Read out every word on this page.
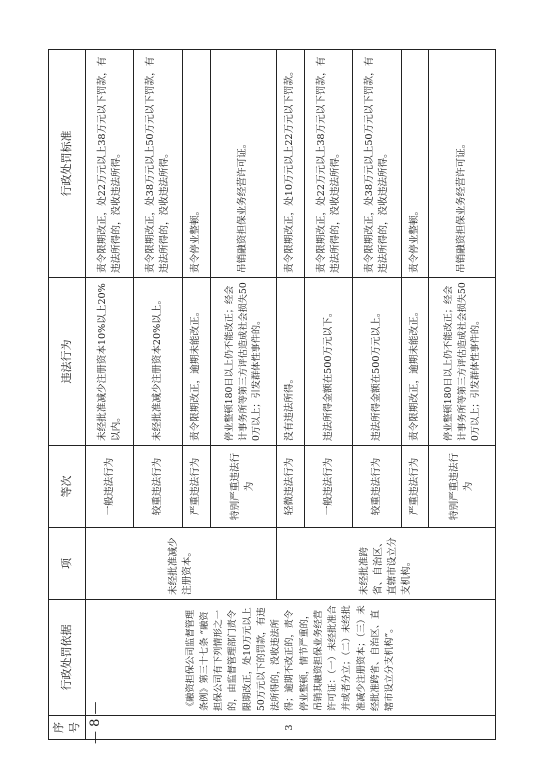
序号	行政处罚依据	项	等次	违法行为	行政处罚标准
3	《融资担保公司监督管理条例》第三十七条 “融资担保公司有下列情形之一的，由监督管理部门责令限期改正，处10万元以上50万元以下的罚款，有违法所得的，没收违法所得；逾期不改正的，责令停业整顿，情节严重的，吊销其融资担保业务经营许可证：（一）未经批准合并或者分立；（二）未经批准减少注册资本；（三）未经批准跨省、自治区、直辖市设立分支机构”。	未经批准减少注册资本。	一般违法行为	未经批准减少注册资本10%以上20%以内。	责令限期改正，处22万元以上38万元以下罚款，有违法所得的，没收违法所得。
			较重违法行为	未经批准减少注册资本20%以上。	责令限期改正，处38万元以上50万元以下罚款，有违法所得的，没收违法所得。
			严重违法行为	责令限期改正，逾期未能改正。	责令停业整顿。
			特别严重违法行为	停业整顿180日以上仍不能改正；经会计事务所等第三方评估造成社会损失500万以上；引发群体性事件的。	吊销融资担保业务经营许可证。
		未经批准跨省、自治区、直辖市设立分支机构。	轻微违法行为	没有违法所得。	责令限期改正，处10万元以上22万元以下罚款。
			一般违法行为	违法所得金额在500万元以下。	责令限期改正，处22万元以上38万元以下罚款，有违法所得的，没收违法所得。
			较重违法行为	违法所得金额在500万元以上。	责令限期改正，处38万元以上50万元以下罚款，有违法所得的，没收违法所得。
			严重违法行为	责令限期改正，逾期未能改正。	责令停业整顿。
			特别严重违法行为	停业整顿180日以上仍不能改正；经会计事务所等第三方评估造成社会损失500万以上；引发群体性事件的。	吊销融资担保业务经营许可证。
— 8 —
